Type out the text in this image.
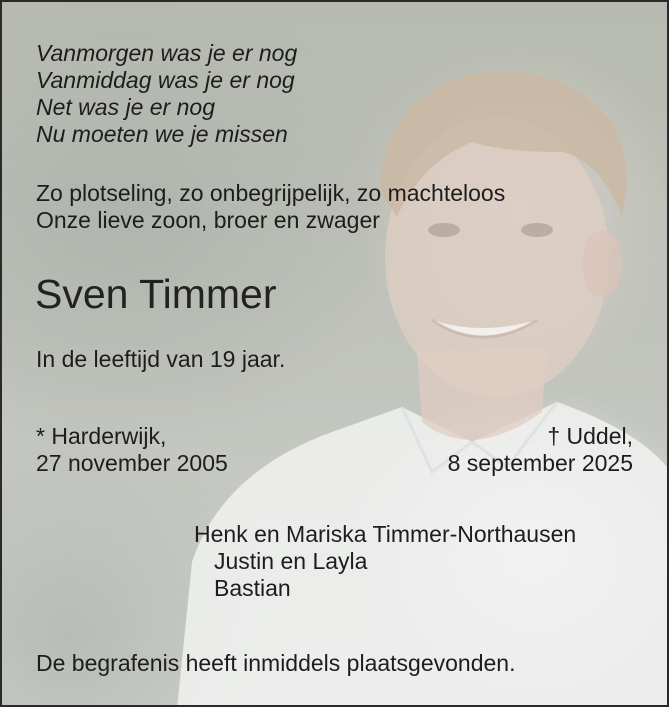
Vanmorgen was je er nog
Vanmiddag was je er nog
Net was je er nog
Nu moeten we je missen
Zo plotseling, zo onbegrijpelijk, zo machteloos
Onze lieve zoon, broer en zwager
Sven Timmer
In de leeftijd van 19 jaar.
* Harderwijk,
27 november 2005
† Uddel,
8 september 2025
Henk en Mariska Timmer-Northausen
Justin en Layla
Bastian
De begrafenis heeft inmiddels plaatsgevonden.
